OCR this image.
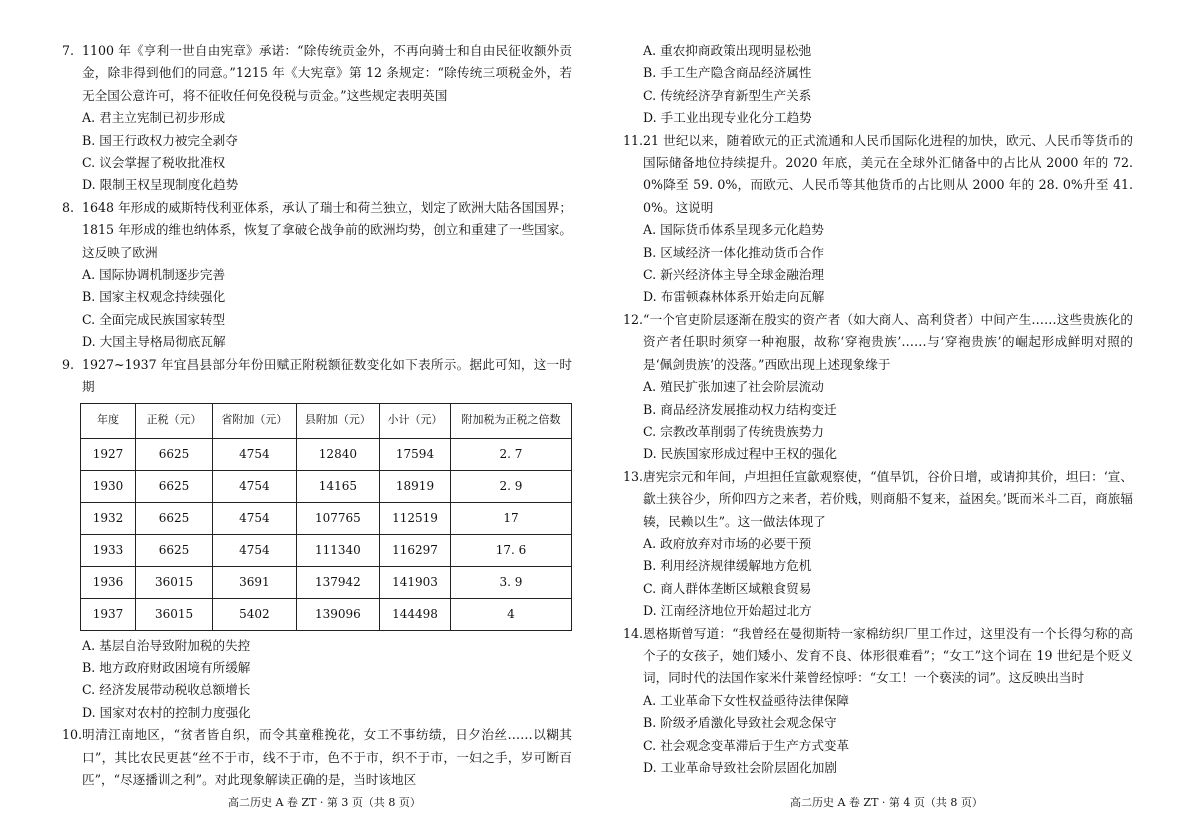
7. 1100 年《亨利一世自由宪章》承诺：“除传统贡金外，不再向骑士和自由民征收额外贡金，除非得到他们的同意。”1215 年《大宪章》第 12 条规定：“除传统三项税金外，若无全国公意许可，将不征收任何免役税与贡金。”这些规定表明英国
A. 君主立宪制已初步形成
B. 国王行政权力被完全剥夺
C. 议会掌握了税收批准权
D. 限制王权呈现制度化趋势
8. 1648 年形成的威斯特伐利亚体系，承认了瑞士和荷兰独立，划定了欧洲大陆各国国界；1815 年形成的维也纳体系，恢复了拿破仑战争前的欧洲均势，创立和重建了一些国家。这反映了欧洲
A. 国际协调机制逐步完善
B. 国家主权观念持续强化
C. 全面完成民族国家转型
D. 大国主导格局彻底瓦解
9. 1927~1937 年宜昌县部分年份田赋正附税额征数变化如下表所示。据此可知，这一时期
年度	正税（元）	省附加（元）	县附加（元）	小计（元）	附加税为正税之倍数
1927	6625	4754	12840	17594	2. 7
1930	6625	4754	14165	18919	2. 9
1932	6625	4754	107765	112519	17
1933	6625	4754	111340	116297	17. 6
1936	36015	3691	137942	141903	3. 9
1937	36015	5402	139096	144498	4
A. 基层自治导致附加税的失控
B. 地方政府财政困境有所缓解
C. 经济发展带动税收总额增长
D. 国家对农村的控制力度强化
10. 明清江南地区，“贫者皆自织，而令其童稚挽花，女工不事纺绩，日夕治丝……以糊其口”，其比农民更甚“丝不于市，线不于市，色不于市，织不于市，一妇之手，岁可断百匹”，“尽逐播训之利”。对此现象解读正确的是，当时该地区
A. 重农抑商政策出现明显松弛
B. 手工生产隐含商品经济属性
C. 传统经济孕育新型生产关系
D. 手工业出现专业化分工趋势
11. 21 世纪以来，随着欧元的正式流通和人民币国际化进程的加快，欧元、人民币等货币的国际储备地位持续提升。2020 年底，美元在全球外汇储备中的占比从 2000 年的 72. 0%降至 59. 0%，而欧元、人民币等其他货币的占比则从 2000 年的 28. 0%升至 41. 0%。这说明
A. 国际货币体系呈现多元化趋势
B. 区域经济一体化推动货币合作
C. 新兴经济体主导全球金融治理
D. 布雷顿森林体系开始走向瓦解
12. “一个官吏阶层逐渐在殷实的资产者（如大商人、高利贷者）中间产生……这些贵族化的资产者任职时须穿一种袍服，故称‘穿袍贵族’……与‘穿袍贵族’的崛起形成鲜明对照的是‘佩剑贵族’的没落。”西欧出现上述现象缘于
A. 殖民扩张加速了社会阶层流动
B. 商品经济发展推动权力结构变迁
C. 宗教改革削弱了传统贵族势力
D. 民族国家形成过程中王权的强化
13. 唐宪宗元和年间，卢坦担任宣歙观察使，“值旱饥，谷价日增，或请抑其价，坦曰：‘宣、歙土狭谷少，所仰四方之来者，若价贱，则商船不复来，益困矣。’既而米斗二百，商旅辐辏，民赖以生”。这一做法体现了
A. 政府放弃对市场的必要干预
B. 利用经济规律缓解地方危机
C. 商人群体垄断区域粮食贸易
D. 江南经济地位开始超过北方
14. 恩格斯曾写道：“我曾经在曼彻斯特一家棉纺织厂里工作过，这里没有一个长得匀称的高个子的女孩子，她们矮小、发育不良、体形很难看”；“女工”这个词在 19 世纪是个贬义词，同时代的法国作家米什莱曾经惊呼：“女工！一个亵渎的词”。这反映出当时
A. 工业革命下女性权益亟待法律保障
B. 阶级矛盾激化导致社会观念保守
C. 社会观念变革滞后于生产方式变革
D. 工业革命导致社会阶层固化加剧
高二历史 A 卷 ZT · 第 3 页（共 8 页）	高二历史 A 卷 ZT · 第 4 页（共 8 页）
